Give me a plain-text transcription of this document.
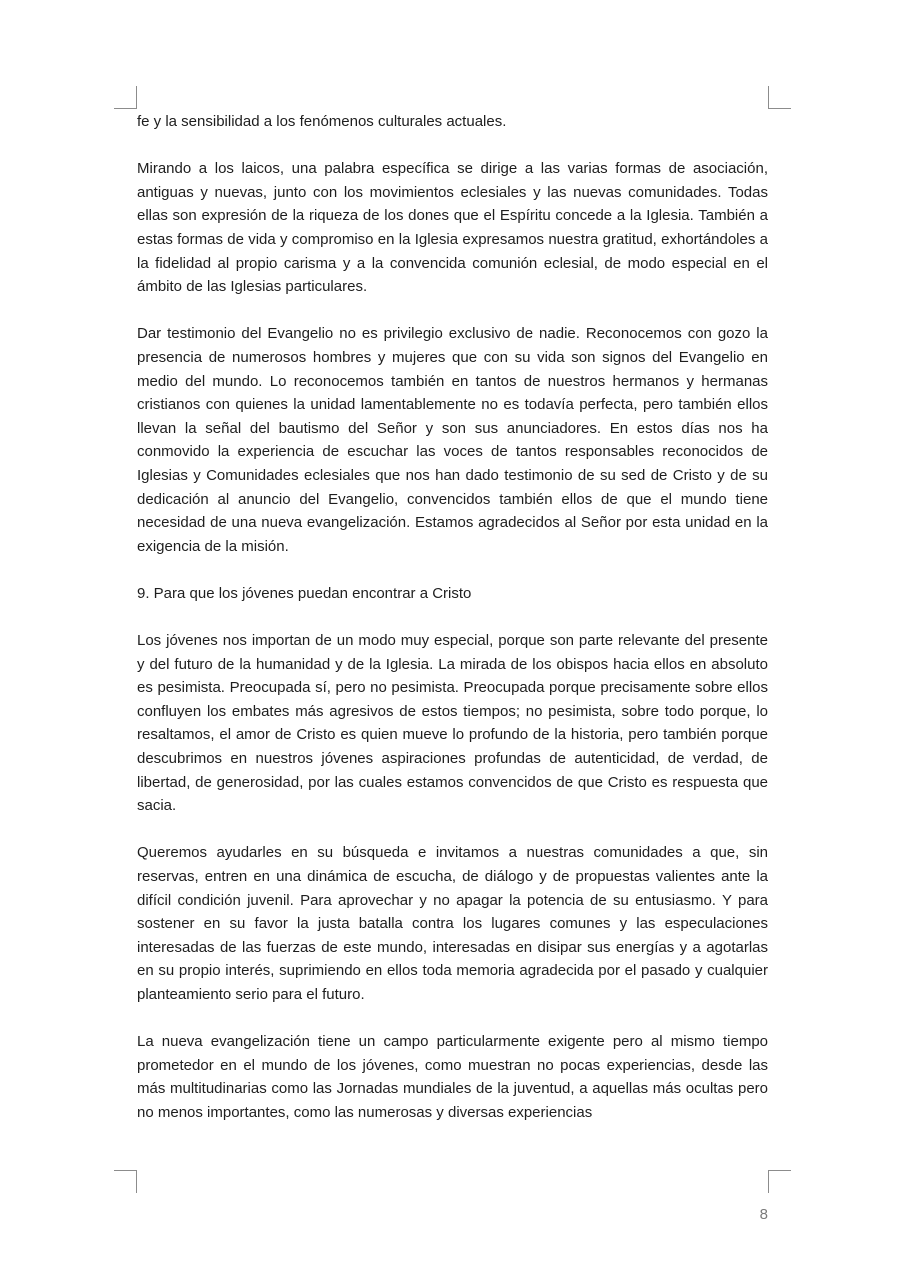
fe y la sensibilidad a los fenómenos culturales actuales.

Mirando a los laicos, una palabra específica se dirige a las varias formas de asociación, antiguas y nuevas, junto con los movimientos eclesiales y las nuevas comunidades. Todas ellas son expresión de la riqueza de los dones que el Espíritu concede a la Iglesia. También a estas formas de vida y compromiso en la Iglesia expresamos nuestra gratitud, exhortándoles a la fidelidad al propio carisma y a la convencida comunión eclesial, de modo especial en el ámbito de las Iglesias particulares.

Dar testimonio del Evangelio no es privilegio exclusivo de nadie. Reconocemos con gozo la presencia de numerosos hombres y mujeres que con su vida son signos del Evangelio en medio del mundo. Lo reconocemos también en tantos de nuestros hermanos y hermanas cristianos con quienes la unidad lamentablemente no es todavía perfecta, pero también ellos llevan la señal del bautismo del Señor y son sus anunciadores. En estos días nos ha conmovido la experiencia de escuchar las voces de tantos responsables reconocidos de Iglesias y Comunidades eclesiales que nos han dado testimonio de su sed de Cristo y de su dedicación al anuncio del Evangelio, convencidos también ellos de que el mundo tiene necesidad de una nueva evangelización. Estamos agradecidos al Señor por esta unidad en la exigencia de la misión.

9. Para que los jóvenes puedan encontrar a Cristo

Los jóvenes nos importan de un modo muy especial, porque son parte relevante del presente y del futuro de la humanidad y de la Iglesia. La mirada de los obispos hacia ellos en absoluto es pesimista. Preocupada sí, pero no pesimista. Preocupada porque precisamente sobre ellos confluyen los embates más agresivos de estos tiempos; no pesimista, sobre todo porque, lo resaltamos, el amor de Cristo es quien mueve lo profundo de la historia, pero también porque descubrimos en nuestros jóvenes aspiraciones profundas de autenticidad, de verdad, de libertad, de generosidad, por las cuales estamos convencidos de que Cristo es respuesta que sacia.

Queremos ayudarles en su búsqueda e invitamos a nuestras comunidades a que, sin reservas, entren en una dinámica de escucha, de diálogo y de propuestas valientes ante la difícil condición juvenil. Para aprovechar y no apagar la potencia de su entusiasmo. Y para sostener en su favor la justa batalla contra los lugares comunes y las especulaciones interesadas de las fuerzas de este mundo, interesadas en disipar sus energías y a agotarlas en su propio interés, suprimiendo en ellos toda memoria agradecida por el pasado y cualquier planteamiento serio para el futuro.

La nueva evangelización tiene un campo particularmente exigente pero al mismo tiempo prometedor en el mundo de los jóvenes, como muestran no pocas experiencias, desde las más multitudinarias como las Jornadas mundiales de la juventud, a aquellas más ocultas pero no menos importantes, como las numerosas y diversas experiencias

8
